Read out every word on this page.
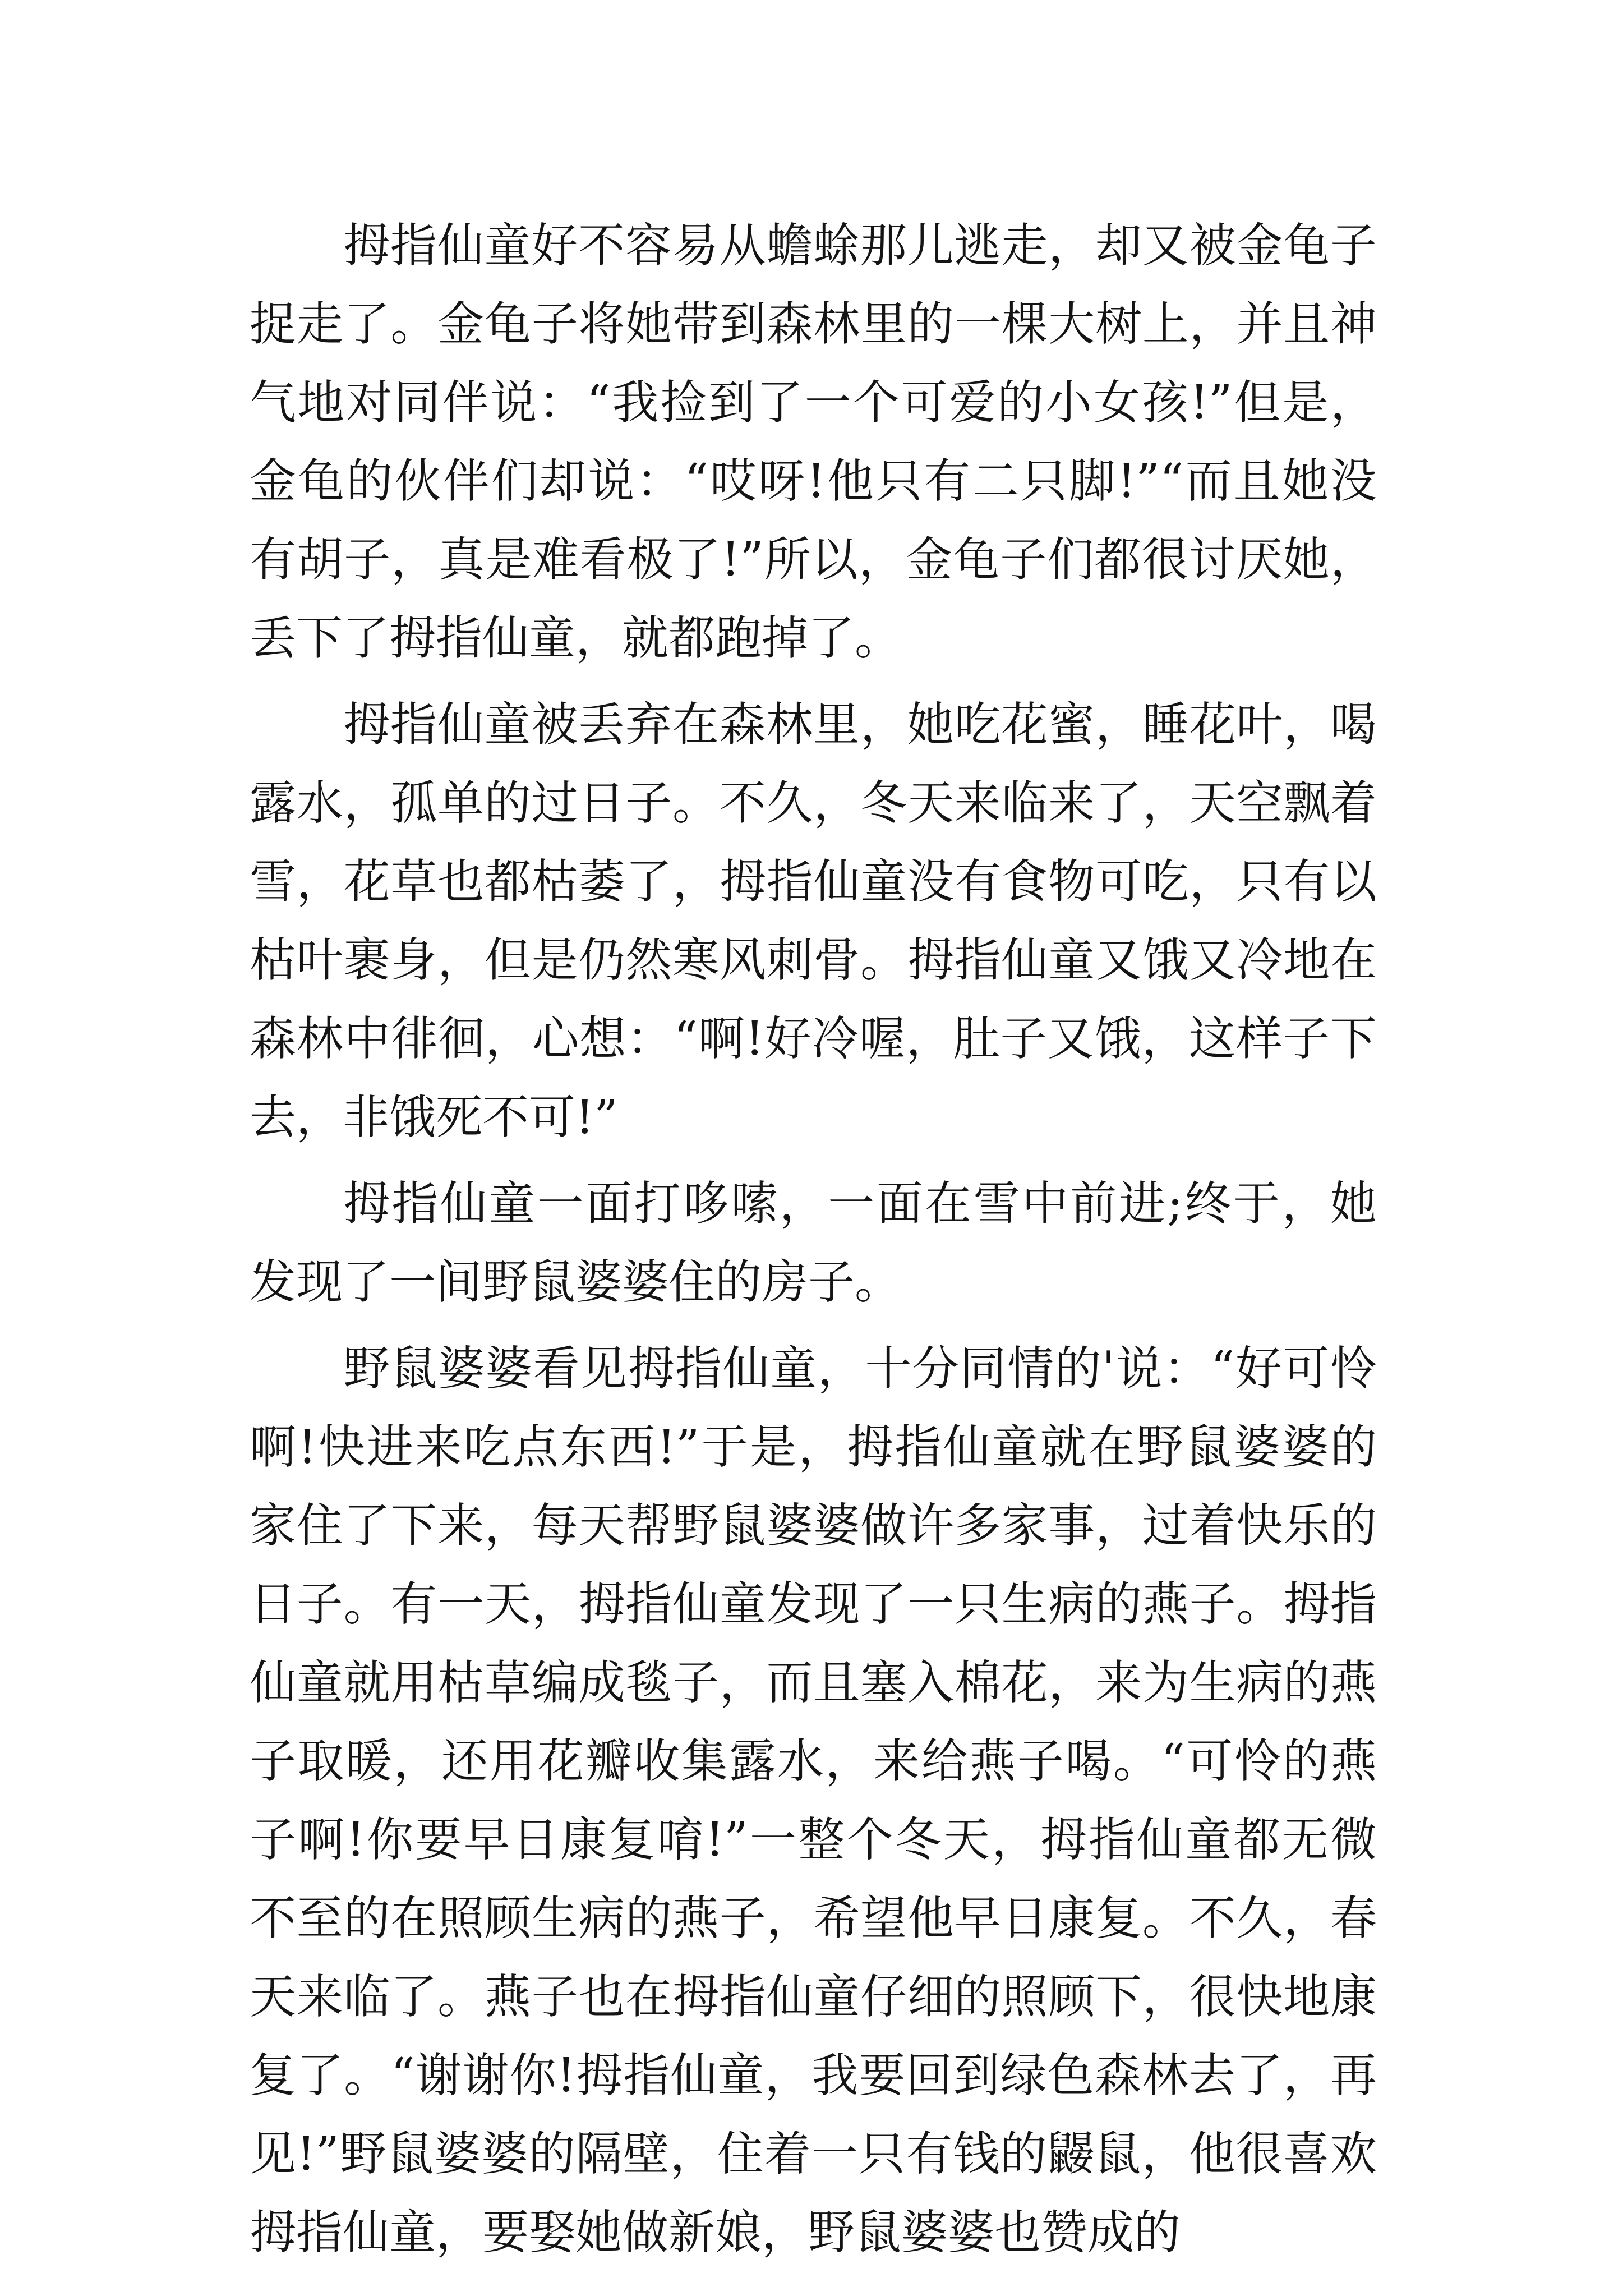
拇指仙童好不容易从蟾蜍那儿逃走，却又被金龟子捉走了。金龟子将她带到森林里的一棵大树上，并且神气地对同伴说：“我捡到了一个可爱的小女孩!”但是，金龟的伙伴们却说：“哎呀!他只有二只脚!”“而且她没有胡子，真是难看极了!”所以，金龟子们都很讨厌她，丢下了拇指仙童，就都跑掉了。

拇指仙童被丢弃在森林里，她吃花蜜，睡花叶，喝露水，孤单的过日子。不久，冬天来临来了，天空飘着雪，花草也都枯萎了，拇指仙童没有食物可吃，只有以枯叶裹身，但是仍然寒风刺骨。拇指仙童又饿又冷地在森林中徘徊，心想：“啊!好冷喔，肚子又饿，这样子下去，非饿死不可!”

拇指仙童一面打哆嗦，一面在雪中前进;终于，她发现了一间野鼠婆婆住的房子。

野鼠婆婆看见拇指仙童，十分同情的'说：“好可怜啊!快进来吃点东西!”于是，拇指仙童就在野鼠婆婆的家住了下来，每天帮野鼠婆婆做许多家事，过着快乐的日子。有一天，拇指仙童发现了一只生病的燕子。拇指仙童就用枯草编成毯子，而且塞入棉花，来为生病的燕子取暖，还用花瓣收集露水，来给燕子喝。“可怜的燕子啊!你要早日康复唷!”一整个冬天，拇指仙童都无微不至的在照顾生病的燕子，希望他早日康复。不久，春天来临了。燕子也在拇指仙童仔细的照顾下，很快地康复了。“谢谢你!拇指仙童，我要回到绿色森林去了，再见!”野鼠婆婆的隔壁，住着一只有钱的鼹鼠，他很喜欢拇指仙童，要娶她做新娘，野鼠婆婆也赞成的
